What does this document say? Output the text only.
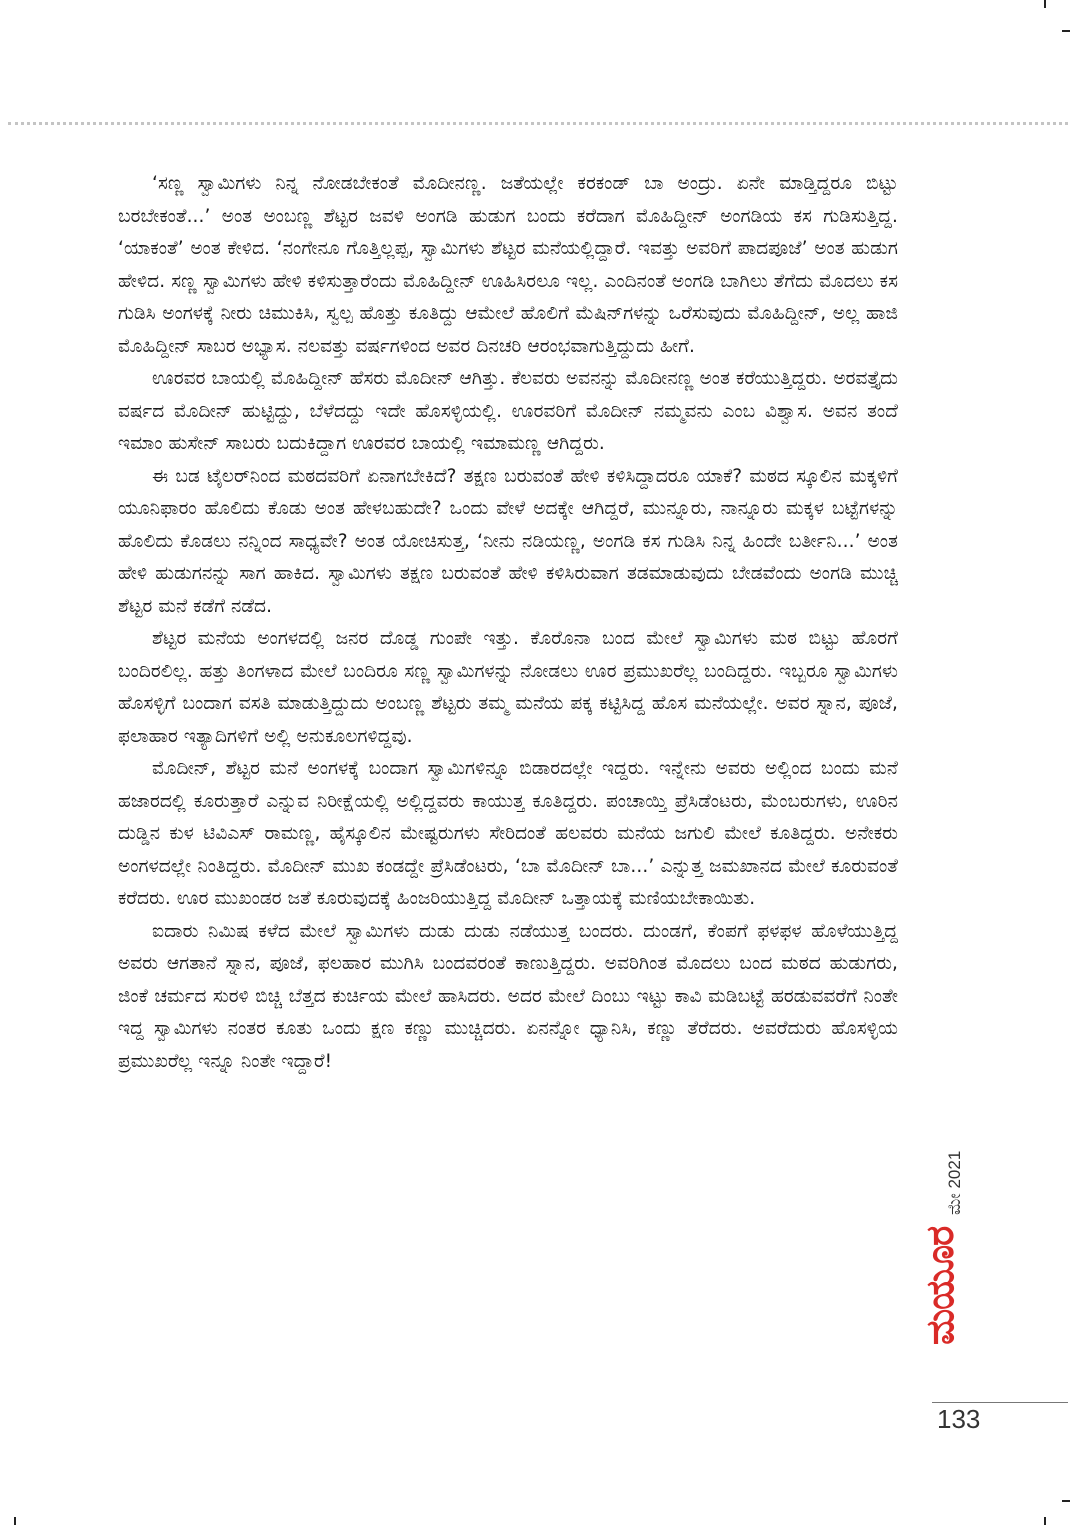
‘ಸಣ್ಣ ಸ್ವಾಮಿಗಳು ನಿನ್ನ ನೋಡಬೇಕಂತೆ ಮೊದೀನಣ್ಣ. ಜತೆಯಲ್ಲೇ ಕರಕಂಡ್ ಬಾ ಅಂದ್ರು. ಏನೇ ಮಾಡ್ತಿದ್ದರೂ ಬಿಟ್ಟು ಬರಬೇಕಂತೆ...’ ಅಂತ ಅಂಬಣ್ಣ ಶೆಟ್ಟರ ಜವಳಿ ಅಂಗಡಿ ಹುಡುಗ ಬಂದು ಕರೆದಾಗ ಮೊಹಿದ್ದೀನ್ ಅಂಗಡಿಯ ಕಸ ಗುಡಿಸುತ್ತಿದ್ದ. ‘ಯಾಕಂತೆ’ ಅಂತ ಕೇಳಿದ. ‘ನಂಗೇನೂ ಗೊತ್ತಿಲ್ಲಪ್ಪ, ಸ್ವಾಮಿಗಳು ಶೆಟ್ಟರ ಮನೆಯಲ್ಲಿದ್ದಾರೆ. ಇವತ್ತು ಅವರಿಗೆ ಪಾದಪೂಜೆ’ ಅಂತ ಹುಡುಗ ಹೇಳಿದ. ಸಣ್ಣ ಸ್ವಾಮಿಗಳು ಹೇಳಿ ಕಳಿಸುತ್ತಾರೆಂದು ಮೊಹಿದ್ದೀನ್ ಊಹಿಸಿರಲೂ ಇಲ್ಲ. ಎಂದಿನಂತೆ ಅಂಗಡಿ ಬಾಗಿಲು ತೆಗೆದು ಮೊದಲು ಕಸ ಗುಡಿಸಿ ಅಂಗಳಕ್ಕೆ ನೀರು ಚಿಮುಕಿಸಿ, ಸ್ವಲ್ಪ ಹೊತ್ತು ಕೂತಿದ್ದು ಆಮೇಲೆ ಹೊಲಿಗೆ ಮೆಷಿನ್‌ಗಳನ್ನು ಒರೆಸುವುದು ಮೊಹಿದ್ದೀನ್, ಅಲ್ಲ ಹಾಜಿ ಮೊಹಿದ್ದೀನ್ ಸಾಬರ ಅಭ್ಯಾಸ. ನಲವತ್ತು ವರ್ಷಗಳಿಂದ ಅವರ ದಿನಚರಿ ಆರಂಭವಾಗುತ್ತಿದ್ದುದು ಹೀಗೆ.

ಊರವರ ಬಾಯಲ್ಲಿ ಮೊಹಿದ್ದೀನ್ ಹೆಸರು ಮೊದೀನ್ ಆಗಿತ್ತು. ಕೆಲವರು ಅವನನ್ನು ಮೊದೀನಣ್ಣ ಅಂತ ಕರೆಯುತ್ತಿದ್ದರು. ಅರವತ್ತೈದು ವರ್ಷದ ಮೊದೀನ್ ಹುಟ್ಟಿದ್ದು, ಬೆಳೆದದ್ದು ಇದೇ ಹೊಸಳ್ಳಿಯಲ್ಲಿ. ಊರವರಿಗೆ ಮೊದೀನ್ ನಮ್ಮವನು ಎಂಬ ವಿಶ್ವಾಸ. ಅವನ ತಂದೆ ಇಮಾಂ ಹುಸೇನ್ ಸಾಬರು ಬದುಕಿದ್ದಾಗ ಊರವರ ಬಾಯಲ್ಲಿ ಇಮಾಮಣ್ಣ ಆಗಿದ್ದರು.

ಈ ಬಡ ಟೈಲರ್‌ನಿಂದ ಮಠದವರಿಗೆ ಏನಾಗಬೇಕಿದೆ? ತಕ್ಷಣ ಬರುವಂತೆ ಹೇಳಿ ಕಳಿಸಿದ್ದಾದರೂ ಯಾಕೆ? ಮಠದ ಸ್ಕೂಲಿನ ಮಕ್ಕಳಿಗೆ ಯೂನಿಫಾರಂ ಹೊಲಿದು ಕೊಡು ಅಂತ ಹೇಳಬಹುದೇ? ಒಂದು ವೇಳೆ ಅದಕ್ಕೇ ಆಗಿದ್ದರೆ, ಮುನ್ನೂರು, ನಾನ್ನೂರು ಮಕ್ಕಳ ಬಟ್ಟೆಗಳನ್ನು ಹೊಲಿದು ಕೊಡಲು ನನ್ನಿಂದ ಸಾಧ್ಯವೇ? ಅಂತ ಯೋಚಿಸುತ್ತ, ‘ನೀನು ನಡಿಯಣ್ಣ, ಅಂಗಡಿ ಕಸ ಗುಡಿಸಿ ನಿನ್ನ ಹಿಂದೇ ಬರ್ತೀನಿ...’ ಅಂತ ಹೇಳಿ ಹುಡುಗನನ್ನು ಸಾಗ ಹಾಕಿದ. ಸ್ವಾಮಿಗಳು ತಕ್ಷಣ ಬರುವಂತೆ ಹೇಳಿ ಕಳಿಸಿರುವಾಗ ತಡಮಾಡುವುದು ಬೇಡವೆಂದು ಅಂಗಡಿ ಮುಚ್ಚಿ ಶೆಟ್ಟರ ಮನೆ ಕಡೆಗೆ ನಡೆದ.

ಶೆಟ್ಟರ ಮನೆಯ ಅಂಗಳದಲ್ಲಿ ಜನರ ದೊಡ್ಡ ಗುಂಪೇ ಇತ್ತು. ಕೊರೊನಾ ಬಂದ ಮೇಲೆ ಸ್ವಾಮಿಗಳು ಮಠ ಬಿಟ್ಟು ಹೊರಗೆ ಬಂದಿರಲಿಲ್ಲ. ಹತ್ತು ತಿಂಗಳಾದ ಮೇಲೆ ಬಂದಿರೂ ಸಣ್ಣ ಸ್ವಾಮಿಗಳನ್ನು ನೋಡಲು ಊರ ಪ್ರಮುಖರೆಲ್ಲ ಬಂದಿದ್ದರು. ಇಬ್ಬರೂ ಸ್ವಾಮಿಗಳು ಹೊಸಳ್ಳಿಗೆ ಬಂದಾಗ ವಸತಿ ಮಾಡುತ್ತಿದ್ದುದು ಅಂಬಣ್ಣ ಶೆಟ್ಟರು ತಮ್ಮ ಮನೆಯ ಪಕ್ಕ ಕಟ್ಟಿಸಿದ್ದ ಹೊಸ ಮನೆಯಲ್ಲೇ. ಅವರ ಸ್ನಾನ, ಪೂಜೆ, ಫಲಾಹಾರ ಇತ್ಯಾದಿಗಳಿಗೆ ಅಲ್ಲಿ ಅನುಕೂಲಗಳಿದ್ದವು.

ಮೊದೀನ್, ಶೆಟ್ಟರ ಮನೆ ಅಂಗಳಕ್ಕೆ ಬಂದಾಗ ಸ್ವಾಮಿಗಳಿನ್ನೂ ಬಿಡಾರದಲ್ಲೇ ಇದ್ದರು. ಇನ್ನೇನು ಅವರು ಅಲ್ಲಿಂದ ಬಂದು ಮನೆ ಹಜಾರದಲ್ಲಿ ಕೂರುತ್ತಾರೆ ಎನ್ನುವ ನಿರೀಕ್ಷೆಯಲ್ಲಿ ಅಲ್ಲಿದ್ದವರು ಕಾಯುತ್ತ ಕೂತಿದ್ದರು. ಪಂಚಾಯ್ತಿ ಪ್ರೆಸಿಡೆಂಟರು, ಮೆಂಬರುಗಳು, ಊರಿನ ದುಡ್ಡಿನ ಕುಳ ಟಿವಿಎಸ್ ರಾಮಣ್ಣ, ಹೈಸ್ಕೂಲಿನ ಮೇಷ್ಟರುಗಳು ಸೇರಿದಂತೆ ಹಲವರು ಮನೆಯ ಜಗುಲಿ ಮೇಲೆ ಕೂತಿದ್ದರು. ಅನೇಕರು ಅಂಗಳದಲ್ಲೇ ನಿಂತಿದ್ದರು. ಮೊದೀನ್ ಮುಖ ಕಂಡದ್ದೇ ಪ್ರೆಸಿಡೆಂಟರು, ‘ಬಾ ಮೊದೀನ್ ಬಾ...’ ಎನ್ನುತ್ತ ಜಮಖಾನದ ಮೇಲೆ ಕೂರುವಂತೆ ಕರೆದರು. ಊರ ಮುಖಂಡರ ಜತೆ ಕೂರುವುದಕ್ಕೆ ಹಿಂಜರಿಯುತ್ತಿದ್ದ ಮೊದೀನ್ ಒತ್ತಾಯಕ್ಕೆ ಮಣಿಯಬೇಕಾಯಿತು.

ಐದಾರು ನಿಮಿಷ ಕಳೆದ ಮೇಲೆ ಸ್ವಾಮಿಗಳು ದುಡು ದುಡು ನಡೆಯುತ್ತ ಬಂದರು. ದುಂಡಗೆ, ಕೆಂಪಗೆ ಫಳಫಳ ಹೊಳೆಯುತ್ತಿದ್ದ ಅವರು ಆಗತಾನೆ ಸ್ನಾನ, ಪೂಜೆ, ಫಲಹಾರ ಮುಗಿಸಿ ಬಂದವರಂತೆ ಕಾಣುತ್ತಿದ್ದರು. ಅವರಿಗಿಂತ ಮೊದಲು ಬಂದ ಮಠದ ಹುಡುಗರು, ಜಿಂಕೆ ಚರ್ಮದ ಸುರಳಿ ಬಿಚ್ಚಿ ಬೆತ್ತದ ಕುರ್ಚಿಯ ಮೇಲೆ ಹಾಸಿದರು. ಅದರ ಮೇಲೆ ದಿಂಬು ಇಟ್ಟು ಕಾವಿ ಮಡಿಬಟ್ಟೆ ಹರಡುವವರೆಗೆ ನಿಂತೇ ಇದ್ದ ಸ್ವಾಮಿಗಳು ನಂತರ ಕೂತು ಒಂದು ಕ್ಷಣ ಕಣ್ಣು ಮುಚ್ಚಿದರು. ಏನನ್ನೋ ಧ್ಯಾನಿಸಿ, ಕಣ್ಣು ತೆರೆದರು. ಅವರೆದುರು ಹೊಸಳ್ಳಿಯ ಪ್ರಮುಖರೆಲ್ಲ ಇನ್ನೂ ನಿಂತೇ ಇದ್ದಾರೆ!

ಮೇ 2021
ಮಯೂರ
133
